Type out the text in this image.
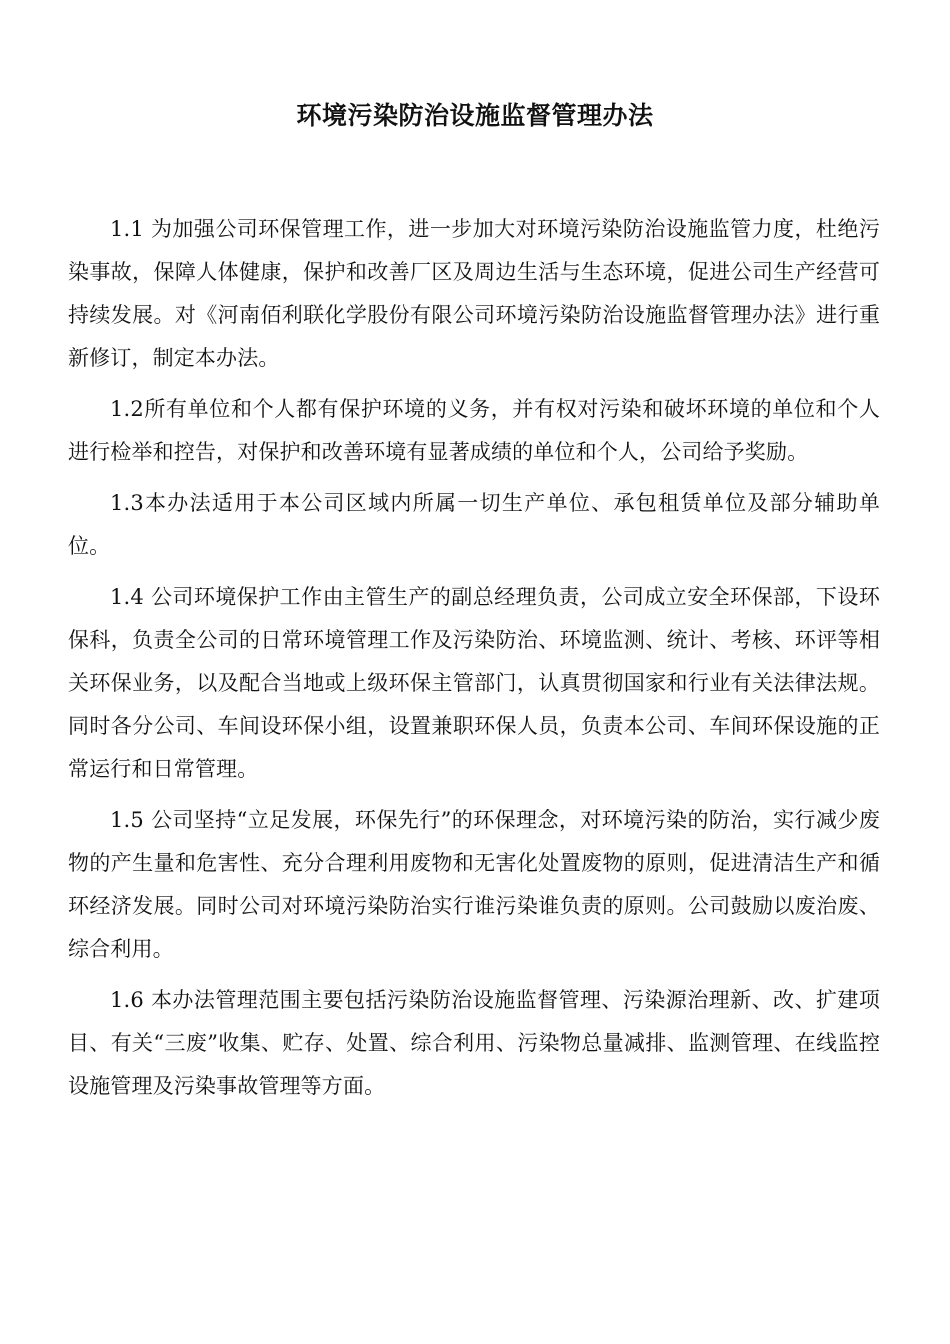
环境污染防治设施监督管理办法

1.1 为加强公司环保管理工作，进一步加大对环境污染防治设施监管力度，杜绝污染事故，保障人体健康，保护和改善厂区及周边生活与生态环境，促进公司生产经营可持续发展。对《河南佰利联化学股份有限公司环境污染防治设施监督管理办法》进行重新修订，制定本办法。

1.2所有单位和个人都有保护环境的义务，并有权对污染和破坏环境的单位和个人进行检举和控告，对保护和改善环境有显著成绩的单位和个人，公司给予奖励。

1.3本办法适用于本公司区域内所属一切生产单位、承包租赁单位及部分辅助单位。

1.4 公司环境保护工作由主管生产的副总经理负责，公司成立安全环保部，下设环保科，负责全公司的日常环境管理工作及污染防治、环境监测、统计、考核、环评等相关环保业务，以及配合当地或上级环保主管部门，认真贯彻国家和行业有关法律法规。同时各分公司、车间设环保小组，设置兼职环保人员，负责本公司、车间环保设施的正常运行和日常管理。

1.5 公司坚持“立足发展，环保先行”的环保理念，对环境污染的防治，实行减少废物的产生量和危害性、充分合理利用废物和无害化处置废物的原则，促进清洁生产和循环经济发展。同时公司对环境污染防治实行谁污染谁负责的原则。公司鼓励以废治废、综合利用。

1.6 本办法管理范围主要包括污染防治设施监督管理、污染源治理新、改、扩建项目、有关“三废”收集、贮存、处置、综合利用、污染物总量减排、监测管理、在线监控设施管理及污染事故管理等方面。
